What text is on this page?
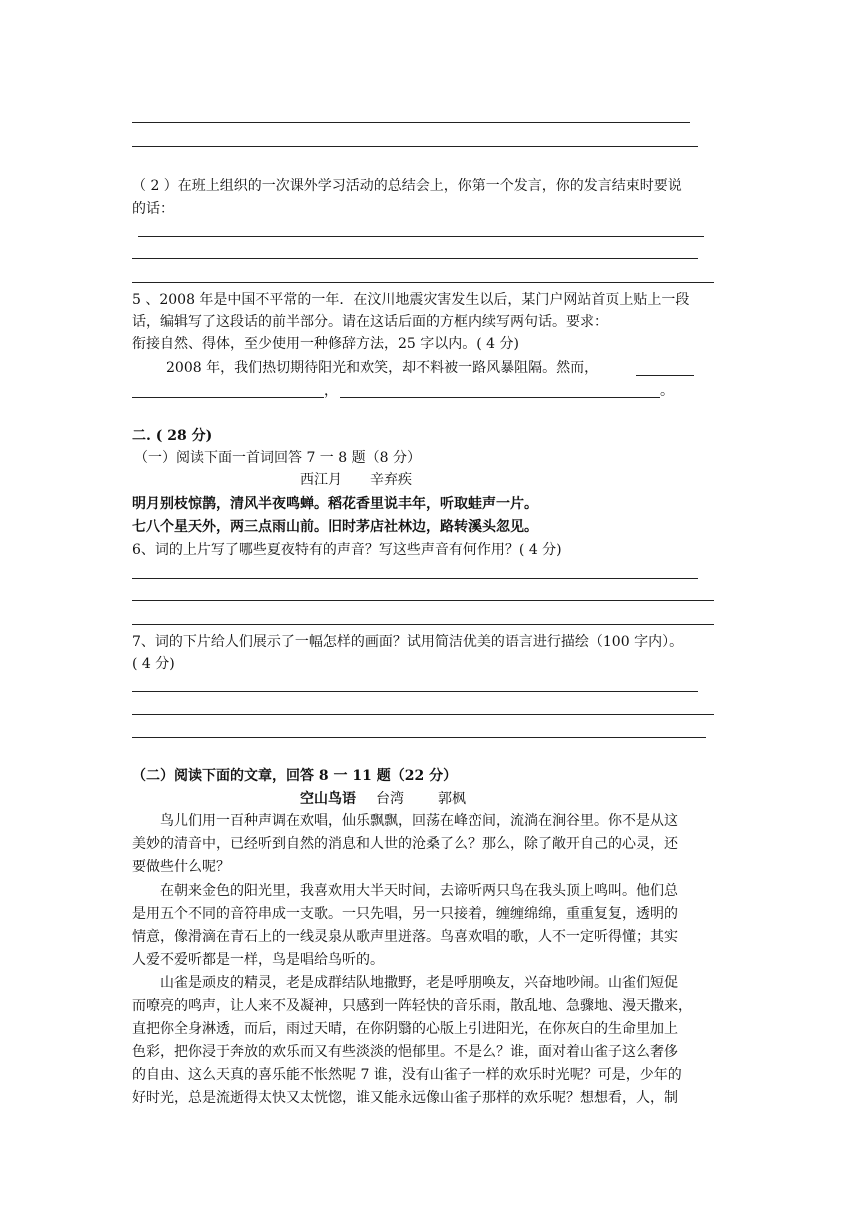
（ 2 ）在班上组织的一次课外学习活动的总结会上，你第一个发言，你的发言结束时要说
的话：
5 、2008 年是中国不平常的一年．在汶川地震灾害发生以后，某门户网站首页上贴上一段
话，编辑写了这段话的前半部分。请在这话后面的方框内续写两句话。要求：
衔接自然、得体，至少使用一种修辞方法，25 字以内。( 4 分)
2008 年，我们热切期待阳光和欢笑，却不料被一路风暴阻隔。然而，
，	。
二. ( 28 分)
（一）阅读下面一首词回答 7 一 8 题（8 分）
西江月 辛弃疾
明月别枝惊鹊，清风半夜鸣蝉。稻花香里说丰年，听取蛙声一片。
七八个星天外，两三点雨山前。旧时茅店社林边，路转溪头忽见。
6、词的上片写了哪些夏夜特有的声音？写这些声音有何作用？( 4 分)
7、词的下片给人们展示了一幅怎样的画面？试用简洁优美的语言进行描绘（100 字内）。
( 4 分)
（二）阅读下面的文章，回答 8 一 11 题（22 分）
空山鸟语 台湾 郭枫
鸟儿们用一百种声调在欢唱，仙乐飘飘，回荡在峰峦间，流淌在涧谷里。你不是从这
美妙的清音中，已经听到自然的消息和人世的沧桑了么？那么，除了敞开自己的心灵，还
要做些什么呢？
在朝来金色的阳光里，我喜欢用大半天时间，去谛听两只鸟在我头顶上鸣叫。他们总
是用五个不同的音符串成一支歌。一只先唱，另一只接着，缠缠绵绵，重重复复，透明的
情意，像滑滴在青石上的一线灵泉从歌声里迸落。鸟喜欢唱的歌，人不一定听得懂；其实
人爱不爱听都是一样，鸟是唱给鸟听的。
山雀是顽皮的精灵，老是成群结队地撒野，老是呼朋唤友，兴奋地吵闹。山雀们短促
而嘹亮的鸣声，让人来不及凝神，只感到一阵轻快的音乐雨，散乱地、急骤地、漫天撒来，
直把你全身淋透，而后，雨过天晴，在你阴翳的心版上引进阳光，在你灰白的生命里加上
色彩，把你浸于奔放的欢乐而又有些淡淡的悒郁里。不是么？谁，面对着山雀子这么奢侈
的自由、这么天真的喜乐能不怅然呢 7 谁，没有山雀子一样的欢乐时光呢？可是，少年的
好时光，总是流逝得太快又太恍惚，谁又能永远像山雀子那样的欢乐呢？想想看，人，制
